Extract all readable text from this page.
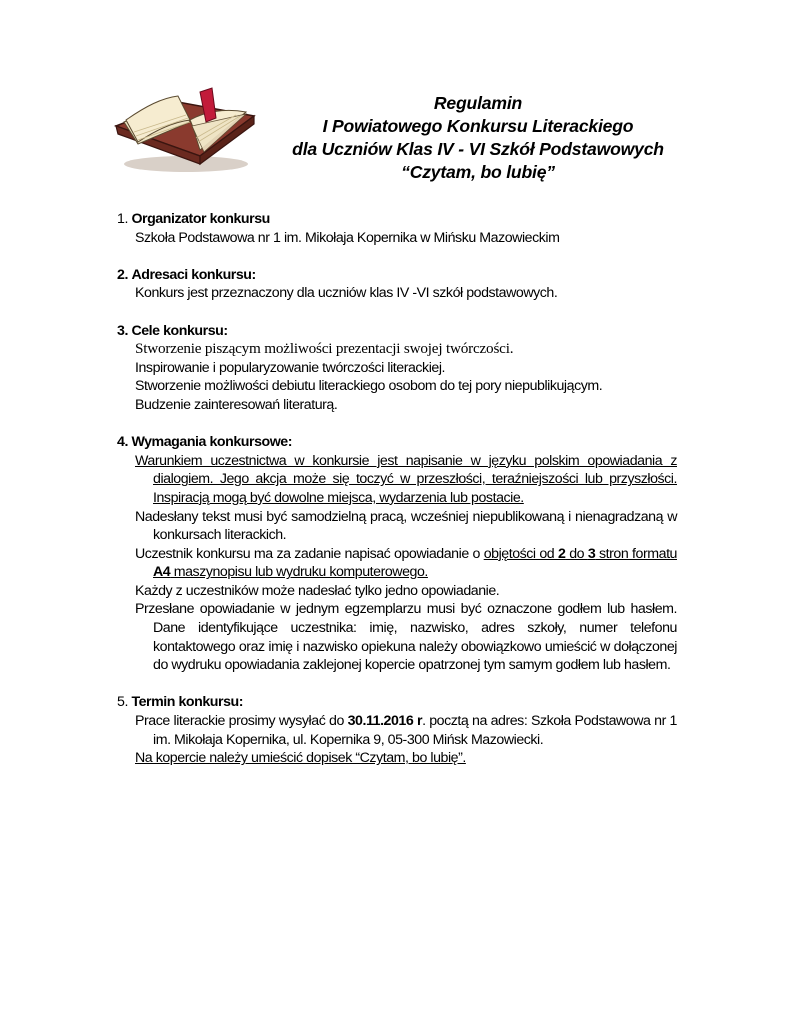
Regulamin
I Powiatowego Konkursu Literackiego
dla Uczniów Klas IV - VI Szkół Podstawowych
“Czytam, bo lubię”
1. Organizator konkursu
Szkoła Podstawowa nr 1 im. Mikołaja Kopernika w Mińsku Mazowieckim
2. Adresaci konkursu:
Konkurs jest przeznaczony dla uczniów klas IV -VI szkół podstawowych.
3. Cele konkursu:
Stworzenie piszącym możliwości prezentacji swojej twórczości.
Inspirowanie i popularyzowanie twórczości literackiej.
Stworzenie możliwości debiutu literackiego osobom do tej pory niepublikującym.
Budzenie zainteresowań literaturą.
4. Wymagania konkursowe:
Warunkiem uczestnictwa w konkursie jest napisanie w języku polskim opowiadania z dialogiem. Jego akcja może się toczyć w przeszłości, teraźniejszości lub przyszłości. Inspiracją mogą być dowolne miejsca, wydarzenia lub postacie.
Nadesłany tekst musi być samodzielną pracą, wcześniej niepublikowaną i nienagradzaną w konkursach literackich.
Uczestnik konkursu ma za zadanie napisać opowiadanie o objętości od 2 do 3 stron formatu A4 maszynopisu lub wydruku komputerowego.
Każdy z uczestników może nadesłać tylko jedno opowiadanie.
Przesłane opowiadanie w jednym egzemplarzu musi być oznaczone godłem lub hasłem. Dane identyfikujące uczestnika: imię, nazwisko, adres szkoły, numer telefonu kontaktowego oraz imię i nazwisko opiekuna należy obowiązkowo umieścić w dołączonej do wydruku opowiadania zaklejonej kopercie opatrzonej tym samym godłem lub hasłem.
5. Termin konkursu:
Prace literackie prosimy wysyłać do 30.11.2016 r. pocztą na adres: Szkoła Podstawowa nr 1 im. Mikołaja Kopernika, ul. Kopernika 9, 05-300 Mińsk Mazowiecki.
Na kopercie należy umieścić dopisek “Czytam, bo lubię”.
